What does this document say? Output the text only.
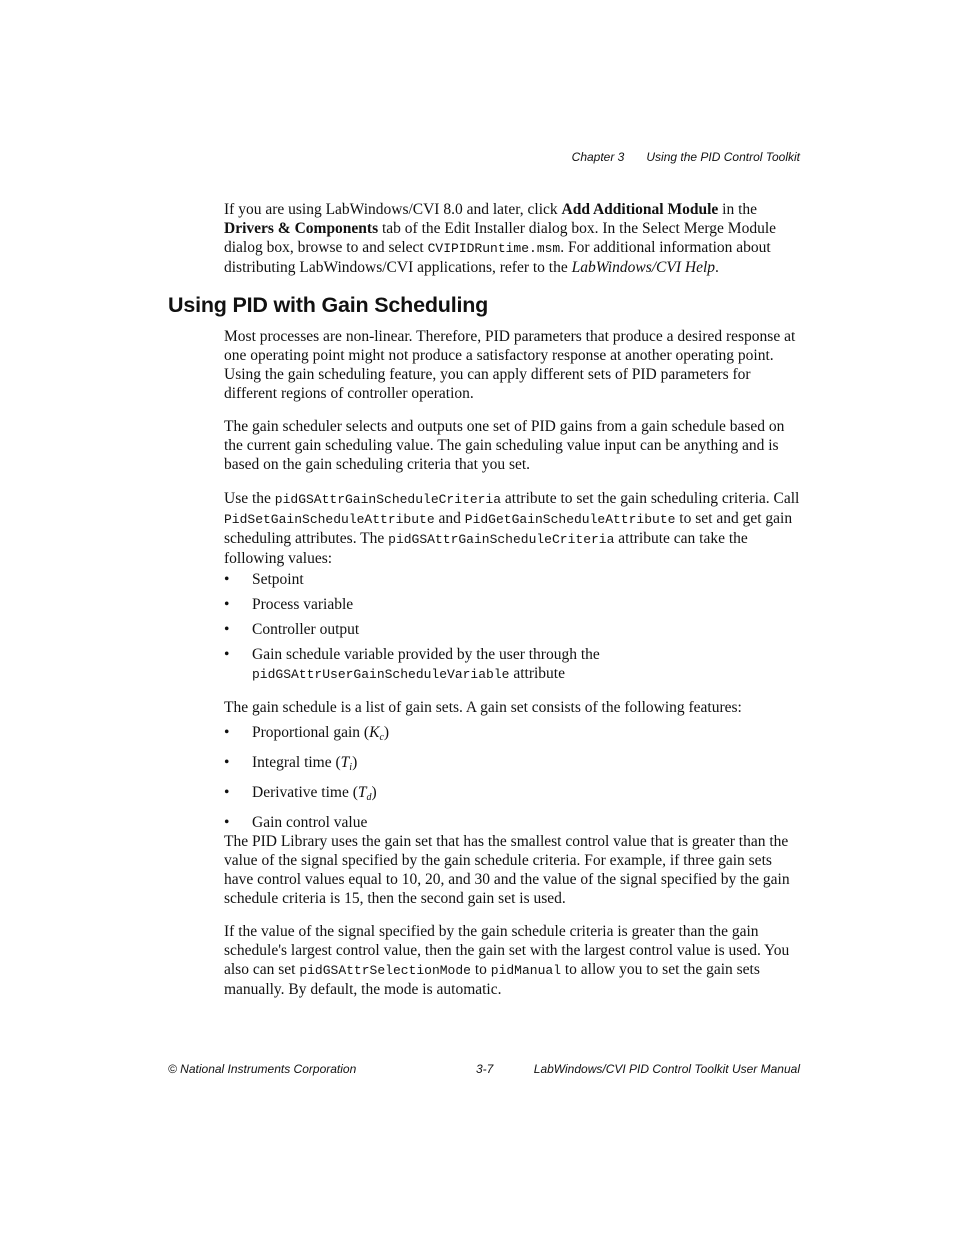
Chapter 3 Using the PID Control Toolkit

If you are using LabWindows/CVI 8.0 and later, click Add Additional Module in the Drivers & Components tab of the Edit Installer dialog box. In the Select Merge Module dialog box, browse to and select CVIPIDRuntime.msm. For additional information about distributing LabWindows/CVI applications, refer to the LabWindows/CVI Help.

Using PID with Gain Scheduling

Most processes are non-linear. Therefore, PID parameters that produce a desired response at one operating point might not produce a satisfactory response at another operating point. Using the gain scheduling feature, you can apply different sets of PID parameters for different regions of controller operation.

The gain scheduler selects and outputs one set of PID gains from a gain schedule based on the current gain scheduling value. The gain scheduling value input can be anything and is based on the gain scheduling criteria that you set.

Use the pidGSAttrGainScheduleCriteria attribute to set the gain scheduling criteria. Call PidSetGainScheduleAttribute and PidGetGainScheduleAttribute to set and get gain scheduling attributes. The pidGSAttrGainScheduleCriteria attribute can take the following values:

• Setpoint
• Process variable
• Controller output
• Gain schedule variable provided by the user through the pidGSAttrUserGainScheduleVariable attribute

The gain schedule is a list of gain sets. A gain set consists of the following features:

• Proportional gain $(K_c)$
• Integral time $(T_i)$
• Derivative time $(T_d)$
• Gain control value

The PID Library uses the gain set that has the smallest control value that is greater than the value of the signal specified by the gain schedule criteria. For example, if three gain sets have control values equal to 10, 20, and 30 and the value of the signal specified by the gain schedule criteria is 15, then the second gain set is used.

If the value of the signal specified by the gain schedule criteria is greater than the gain schedule's largest control value, then the gain set with the largest control value is used. You also can set pidGSAttrSelectionMode to pidManual to allow you to set the gain sets manually. By default, the mode is automatic.

© National Instruments Corporation	3-7	LabWindows/CVI PID Control Toolkit User Manual
